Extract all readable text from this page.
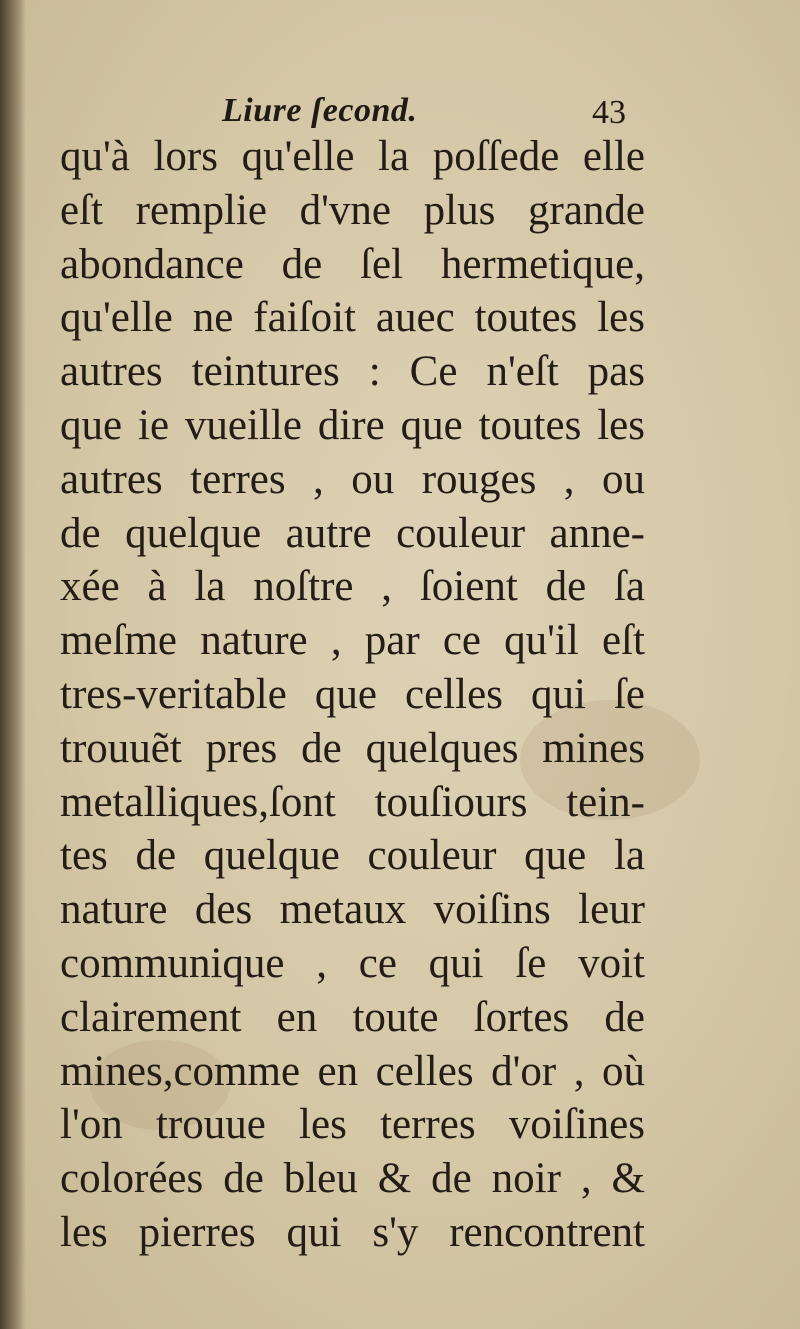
Liure ſecond.	43
qu'à lors qu'elle la poſſede elle
eſt remplie d'vne plus grande
abondance de ſel hermetique,
qu'elle ne faiſoit auec toutes les
autres teintures : Ce n'eſt pas
que ie vueille dire que toutes les
autres terres , ou rouges , ou
de quelque autre couleur anne-
xée à la noſtre , ſoient de ſa
meſme nature , par ce qu'il eſt
tres-veritable que celles qui ſe
trouuẽt pres de quelques mines
metalliques,ſont touſiours tein-
tes de quelque couleur que la
nature des metaux voiſins leur
communique , ce qui ſe voit
clairement en toute ſortes de
mines,comme en celles d'or , où
l'on trouue les terres voiſines
colorées de bleu & de noir , &
les pierres qui s'y rencontrent
